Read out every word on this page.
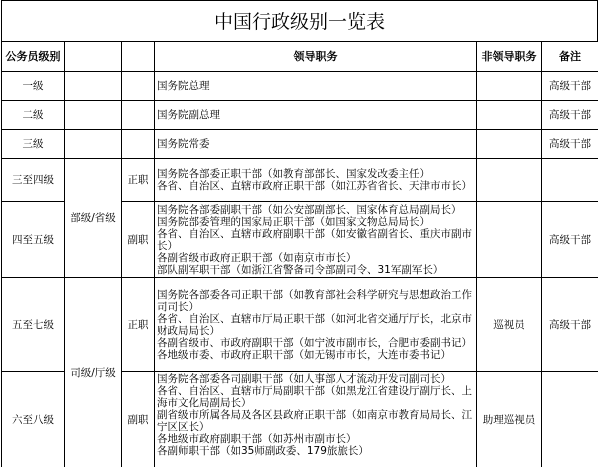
中国行政级别一览表
公务员级别			领导职务	非领导职务	备注
一级			国务院总理		高级干部
二级			国务院副总理		高级干部
三级			国务院常委		高级干部
三至四级	部级/省级	正职	国务院各部委正职干部（如教育部部长、国家发改委主任）
各省、自治区、直辖市政府正职干部（如江苏省省长、天津市市长）		

四至五级		副职	国务院各部委副职干部（如公安部副部长、国家体育总局副局长）
国务院部委管理的国家局正职干部（如国家文物总局局长）
各省、自治区、直辖市政府副职干部（如安徽省副省长、重庆市副市长）
各副省级市政府正职干部（如南京市市长）
部队副军职干部（如浙江省警备司令部副司令、31军副军长）		高级干部
五至七级	司级/厅级	正职	国务院各部委各司正职干部（如教育部社会科学研究与思想政治工作司司长）
各省、自治区、直辖市厅局正职干部（如河北省交通厅厅长，北京市财政局局长）
各副省级市、市政府副职干部（如宁波市副市长，合肥市委副书记）
各地级市委、市政府正职干部（如无锡市市长，大连市委书记）	巡视员	高级干部
六至八级		副职	国务院各部委各司副职干部（如人事部人才流动开发司副司长）
各省、自治区、直辖市厅局副职干部（如黑龙江省建设厅副厅长、上海市文化局副局长）
副省级市所属各局及各区县政府正职干部（如南京市教育局局长、江宁区区长）
各地级市政府副职干部（如苏州市副市长）
各副师职干部（如35师副政委、179旅旅长）	助理巡视员	
